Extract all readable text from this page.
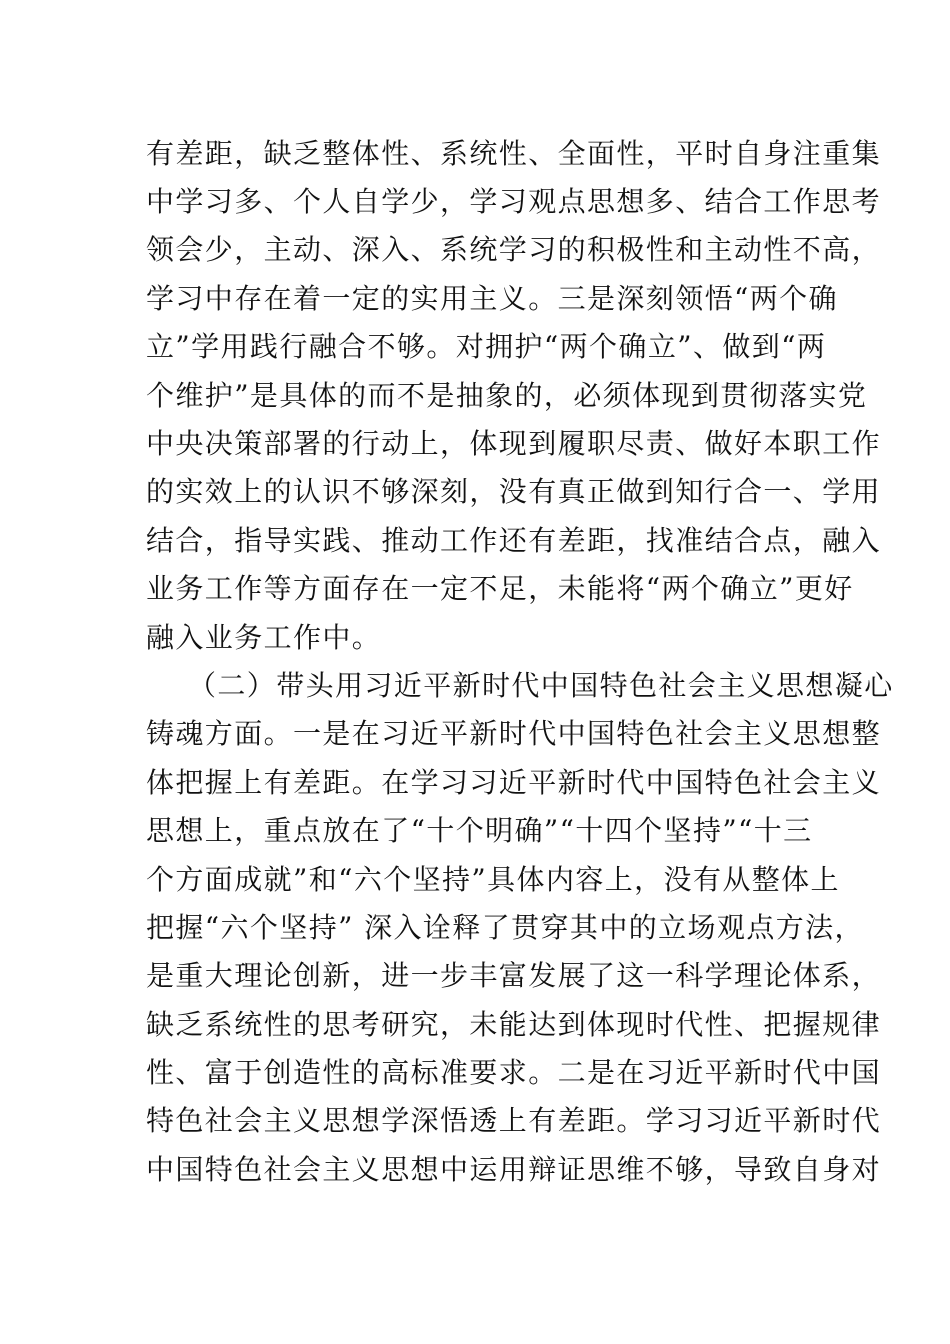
有差距，缺乏整体性、系统性、全面性，平时自身注重集
中学习多、个人自学少，学习观点思想多、结合工作思考
领会少，主动、深入、系统学习的积极性和主动性不高，
学习中存在着一定的实用主义。三是深刻领悟“两个确
立”学用践行融合不够。对拥护“两个确立”、做到“两
个维护”是具体的而不是抽象的，必须体现到贯彻落实党
中央决策部署的行动上，体现到履职尽责、做好本职工作
的实效上的认识不够深刻，没有真正做到知行合一、学用
结合，指导实践、推动工作还有差距，找准结合点，融入
业务工作等方面存在一定不足，未能将“两个确立”更好
融入业务工作中。
（二）带头用习近平新时代中国特色社会主义思想凝心
铸魂方面。一是在习近平新时代中国特色社会主义思想整
体把握上有差距。在学习习近平新时代中国特色社会主义
思想上，重点放在了“十个明确”“十四个坚持”“十三
个方面成就”和“六个坚持”具体内容上，没有从整体上
把握“六个坚持” 深入诠释了贯穿其中的立场观点方法，
是重大理论创新，进一步丰富发展了这一科学理论体系，
缺乏系统性的思考研究，未能达到体现时代性、把握规律
性、富于创造性的高标准要求。二是在习近平新时代中国
特色社会主义思想学深悟透上有差距。学习习近平新时代
中国特色社会主义思想中运用辩证思维不够，导致自身对
